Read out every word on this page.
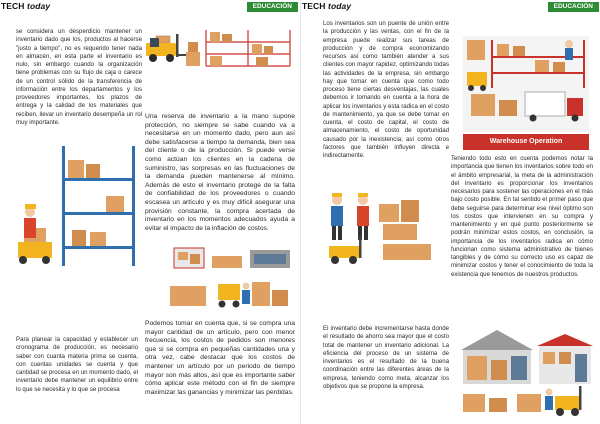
TECH today	EDUCACIÓN
se considera un desperdicio mantener un inventario dado que los, productos al hacerse "justo a tiempo", no es requerido tener nada en almacén, en esta parte el inventario es nulo, sin embargo cuando la organización tiene problemas con su flujo de caja o carece de un control sólido de la transferencia de información entre los departamentos y los proveedores importantes, los plazos de entrega y la calidad de los materiales que reciben, llevar un inventario desempeña un rol muy importante.
Una reserva de inventario a la mano supone protección, no siempre se sabe cuando va a necesitarse en un momento dado, pero aun así debe satisfacerse a tiempo la demanda, bien sea del cliente o de la producción. Si puede verse como actúan los clientes en la cadena de suministro, las sorpresas en las fluctuaciones de la demanda pueden mantenerse al mínimo. Además de esto el inventario protege de la falta de confiabilidad de los proveedores o cuando escasea un artículo y es muy difícil asegurar una provisión constante, la compra acertada de inventario en los momentos adecuados ayuda a evitar el impacto de la inflación de costos.
Para planear la capacidad y establecer un cronograma de producción, es necesario saber con cuanta materia prima se cuenta, con cuentas unidades se cuenta y que cantidad se procesa en un momento dado, el inventario debe mantener un equilibrio entre lo que se necesita y lo que se procesa
Podemos tomar en cuenta que, si se compra una mayor cantidad de un artículo, pero con menor frecuencia, los costos de pedidos son menores que si se compra en pequeñas cantidades una y otra vez, cabe destacar que los costos de mantener un artículo por un periodo de tiempo mayor son más altos, así que es importante saber cómo aplicar este método con el fin de siempre maximizar las ganancias y minimizar las perdidas.
TECH today	EDUCACIÓN
Los inventarios son un puente de unión entre la producción y las ventas, con el fin de la empresa puede realizar sus tareas de producción y de compra economizando recursos así como también atender a sus clientes con mayor rapidez, optimizando todas las actividades de la empresa, sin embargo hay que tomar en cuenta que como todo proceso tiene ciertas desventajas, las cuales debemos ir tomando en cuenta a la hora de aplicar los inventarios y esta radica en el costo de mantenimiento, ya que se debe tomar en cuenta, el costo de capital, el costo de almacenamiento, el costo de oportunidad causado por la inexistencia; así como otros factores que también influyen directa e indirectamente.
Warehouse Operation
Teniendo todo esto en cuenta podemos notar la importancia que tienen los inventarios sobre todo en el ámbito empresarial, la meta de la administración del inventario es proporcionar los inventarios necesarios para sostener las operaciones en el más bajo costo posible. En tal sentido el primer paso que debe seguirse para determinar ese nivel óptimo son los costos que intervienen en su compra y mantenimiento y en qué punto posteriormente se podrán minimizar estos costos, en conclusión, la importancia de los inventarios radica en cómo funcionan como sistema administrativo de bienes tangibles y de cómo su correcto uso es capaz de minimizar costos y tener el conocimiento de toda la existencia que tenemos de nuestros productos.
El inventario debe incrementarse hasta donde el resultado de ahorro sea mayor que el costo total de mantener un inventario adicional. La eficiencia del proceso de un sistema de inventarios es el resultado de la buena coordinación entre las diferentes áreas de la empresa, teniendo como meta, alcanzar los objetivos que se propone la empresa.
